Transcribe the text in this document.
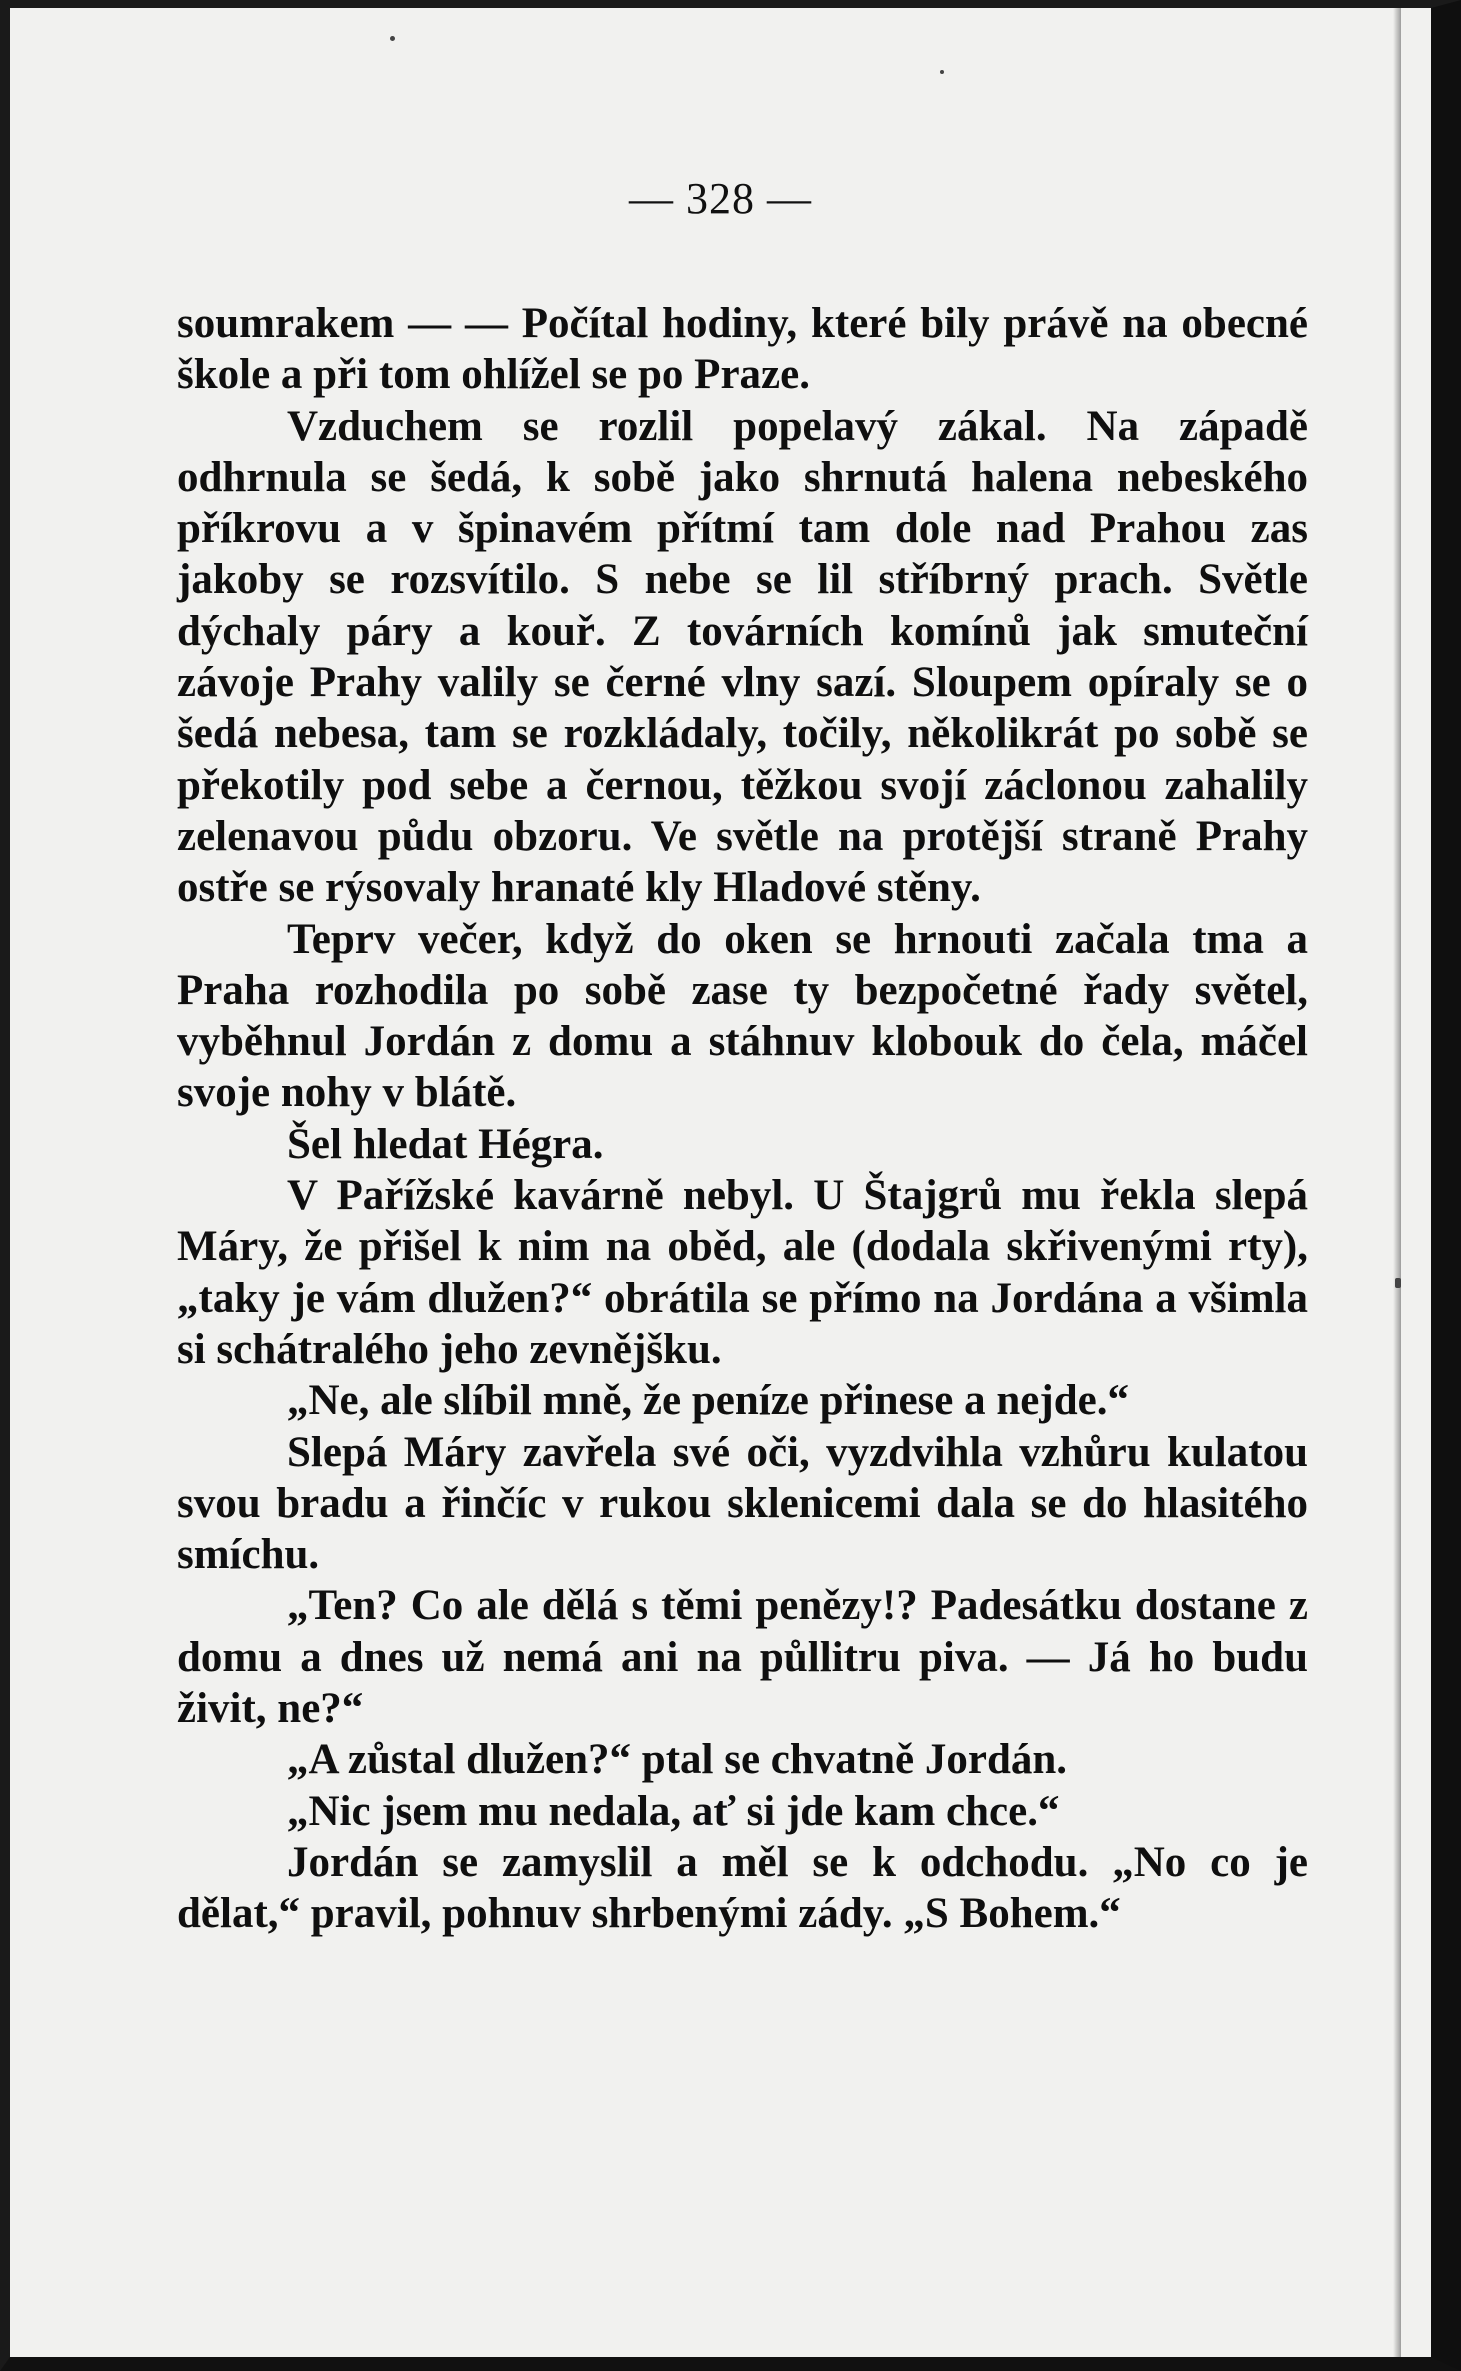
— 328 —

soumrakem — — Počítal hodiny, které bily právě na obecné škole a při tom ohlížel se po Praze.

Vzduchem se rozlil popelavý zákal. Na západě odhrnula se šedá, k sobě jako shrnutá halena nebeského příkrovu a v špinavém přítmí tam dole nad Prahou zas jakoby se rozsvítilo. S nebe se lil stříbrný prach. Světle dýchaly páry a kouř. Z továrních komínů jak smuteční závoje Prahy valily se černé vlny sazí. Sloupem opíraly se o šedá nebesa, tam se rozkládaly, točily, několikrát po sobě se překotily pod sebe a černou, těžkou svojí záclonou zahalily zelenavou půdu obzoru. Ve světle na protější straně Prahy ostře se rýsovaly hranaté kly Hladové stěny.

Teprv večer, když do oken se hrnouti začala tma a Praha rozhodila po sobě zase ty bezpočetné řady světel, vyběhnul Jordán z domu a stáhnuv klobouk do čela, máčel svoje nohy v blátě.

Šel hledat Hégra.

V Pařížské kavárně nebyl. U Štajgrů mu řekla slepá Máry, že přišel k nim na oběd, ale (dodala skřivenými rty), „taky je vám dlužen?“ obrátila se přímo na Jordána a všimla si schátralého jeho zevnějšku.

„Ne, ale slíbil mně, že peníze přinese a nejde.“

Slepá Máry zavřela své oči, vyzdvihla vzhůru kulatou svou bradu a řinčíc v rukou sklenicemi dala se do hlasitého smíchu.

„Ten? Co ale dělá s těmi penězy!? Padesátku dostane z domu a dnes už nemá ani na půllitru piva. — Já ho budu živit, ne?“

„A zůstal dlužen?“ ptal se chvatně Jordán.

„Nic jsem mu nedala, ať si jde kam chce.“

Jordán se zamyslil a měl se k odchodu. „No co je dělat,“ pravil, pohnuv shrbenými zády. „S Bohem.“
